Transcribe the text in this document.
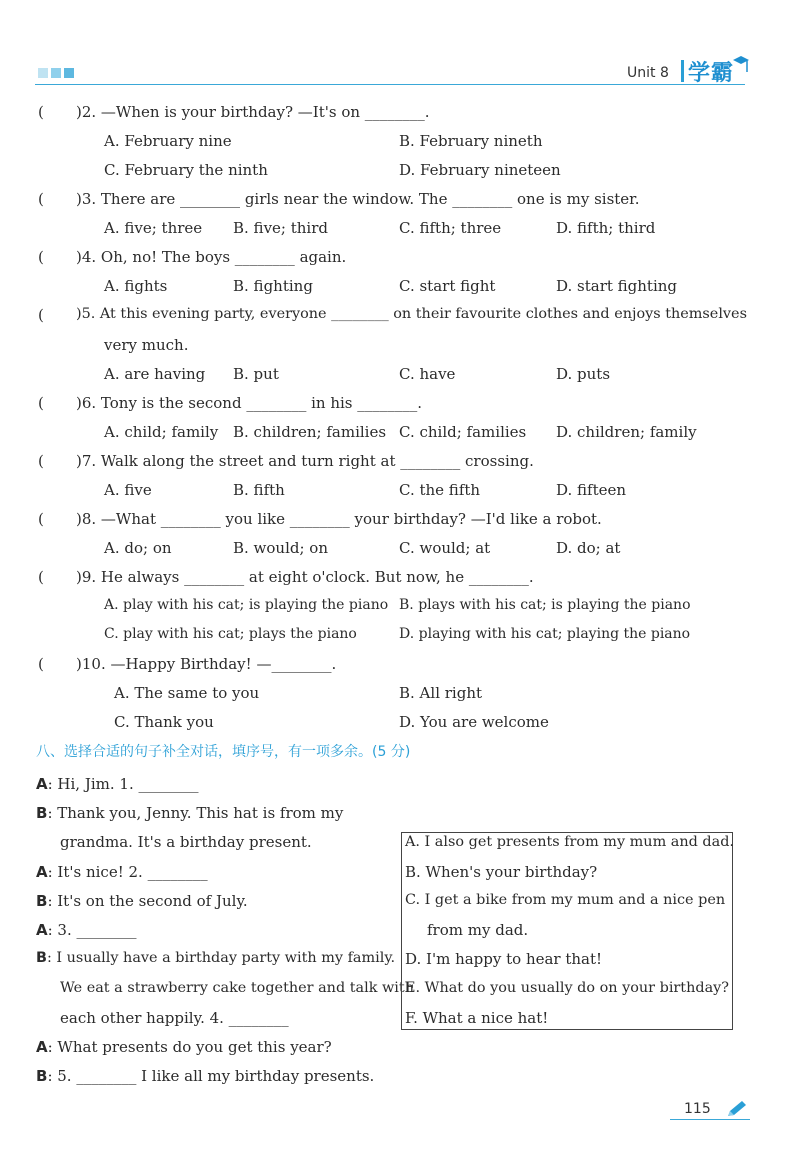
Unit 8 学霸
( )2. —When is your birthday? —It's on ________.
A. February nine	B. February nineth
C. February the ninth	D. February nineteen
( )3. There are ________ girls near the window. The ________ one is my sister.
A. five; three B. five; third	C. fifth; three	D. fifth; third
( )4. Oh, no! The boys ________ again.
A. fights	B. fighting	C. start fight	D. start fighting
( )5. At this evening party, everyone ________ on their favourite clothes and enjoys themselves
very much.
A. are having B. put	C. have	D. puts
( )6. Tony is the second ________ in his ________.
A. child; family B. children; families C. child; families D. children; family
( )7. Walk along the street and turn right at ________ crossing.
A. five	B. fifth	C. the fifth	D. fifteen
( )8. —What ________ you like ________ your birthday? —I'd like a robot.
A. do; on	B. would; on	C. would; at	D. do; at
( )9. He always ________ at eight o'clock. But now, he ________.
A. play with his cat; is playing the piano B. plays with his cat; is playing the piano
C. play with his cat; plays the piano	D. playing with his cat; playing the piano
( )10. —Happy Birthday! —________.
A. The same to you	B. All right
C. Thank you	D. You are welcome
八、选择合适的句子补全对话，填序号，有一项多余。(5 分)
A: Hi, Jim. 1. ________
B: Thank you, Jenny. This hat is from my
grandma. It's a birthday present.
A: It's nice! 2. ________
B: It's on the second of July.
A: 3. ________
B: I usually have a birthday party with my family.
We eat a strawberry cake together and talk with
each other happily. 4. ________
A: What presents do you get this year?
B: 5. ________ I like all my birthday presents.
A. I also get presents from my mum and dad.
B. When's your birthday?
C. I get a bike from my mum and a nice pen
from my dad.
D. I'm happy to hear that!
E. What do you usually do on your birthday?
F. What a nice hat!
115
